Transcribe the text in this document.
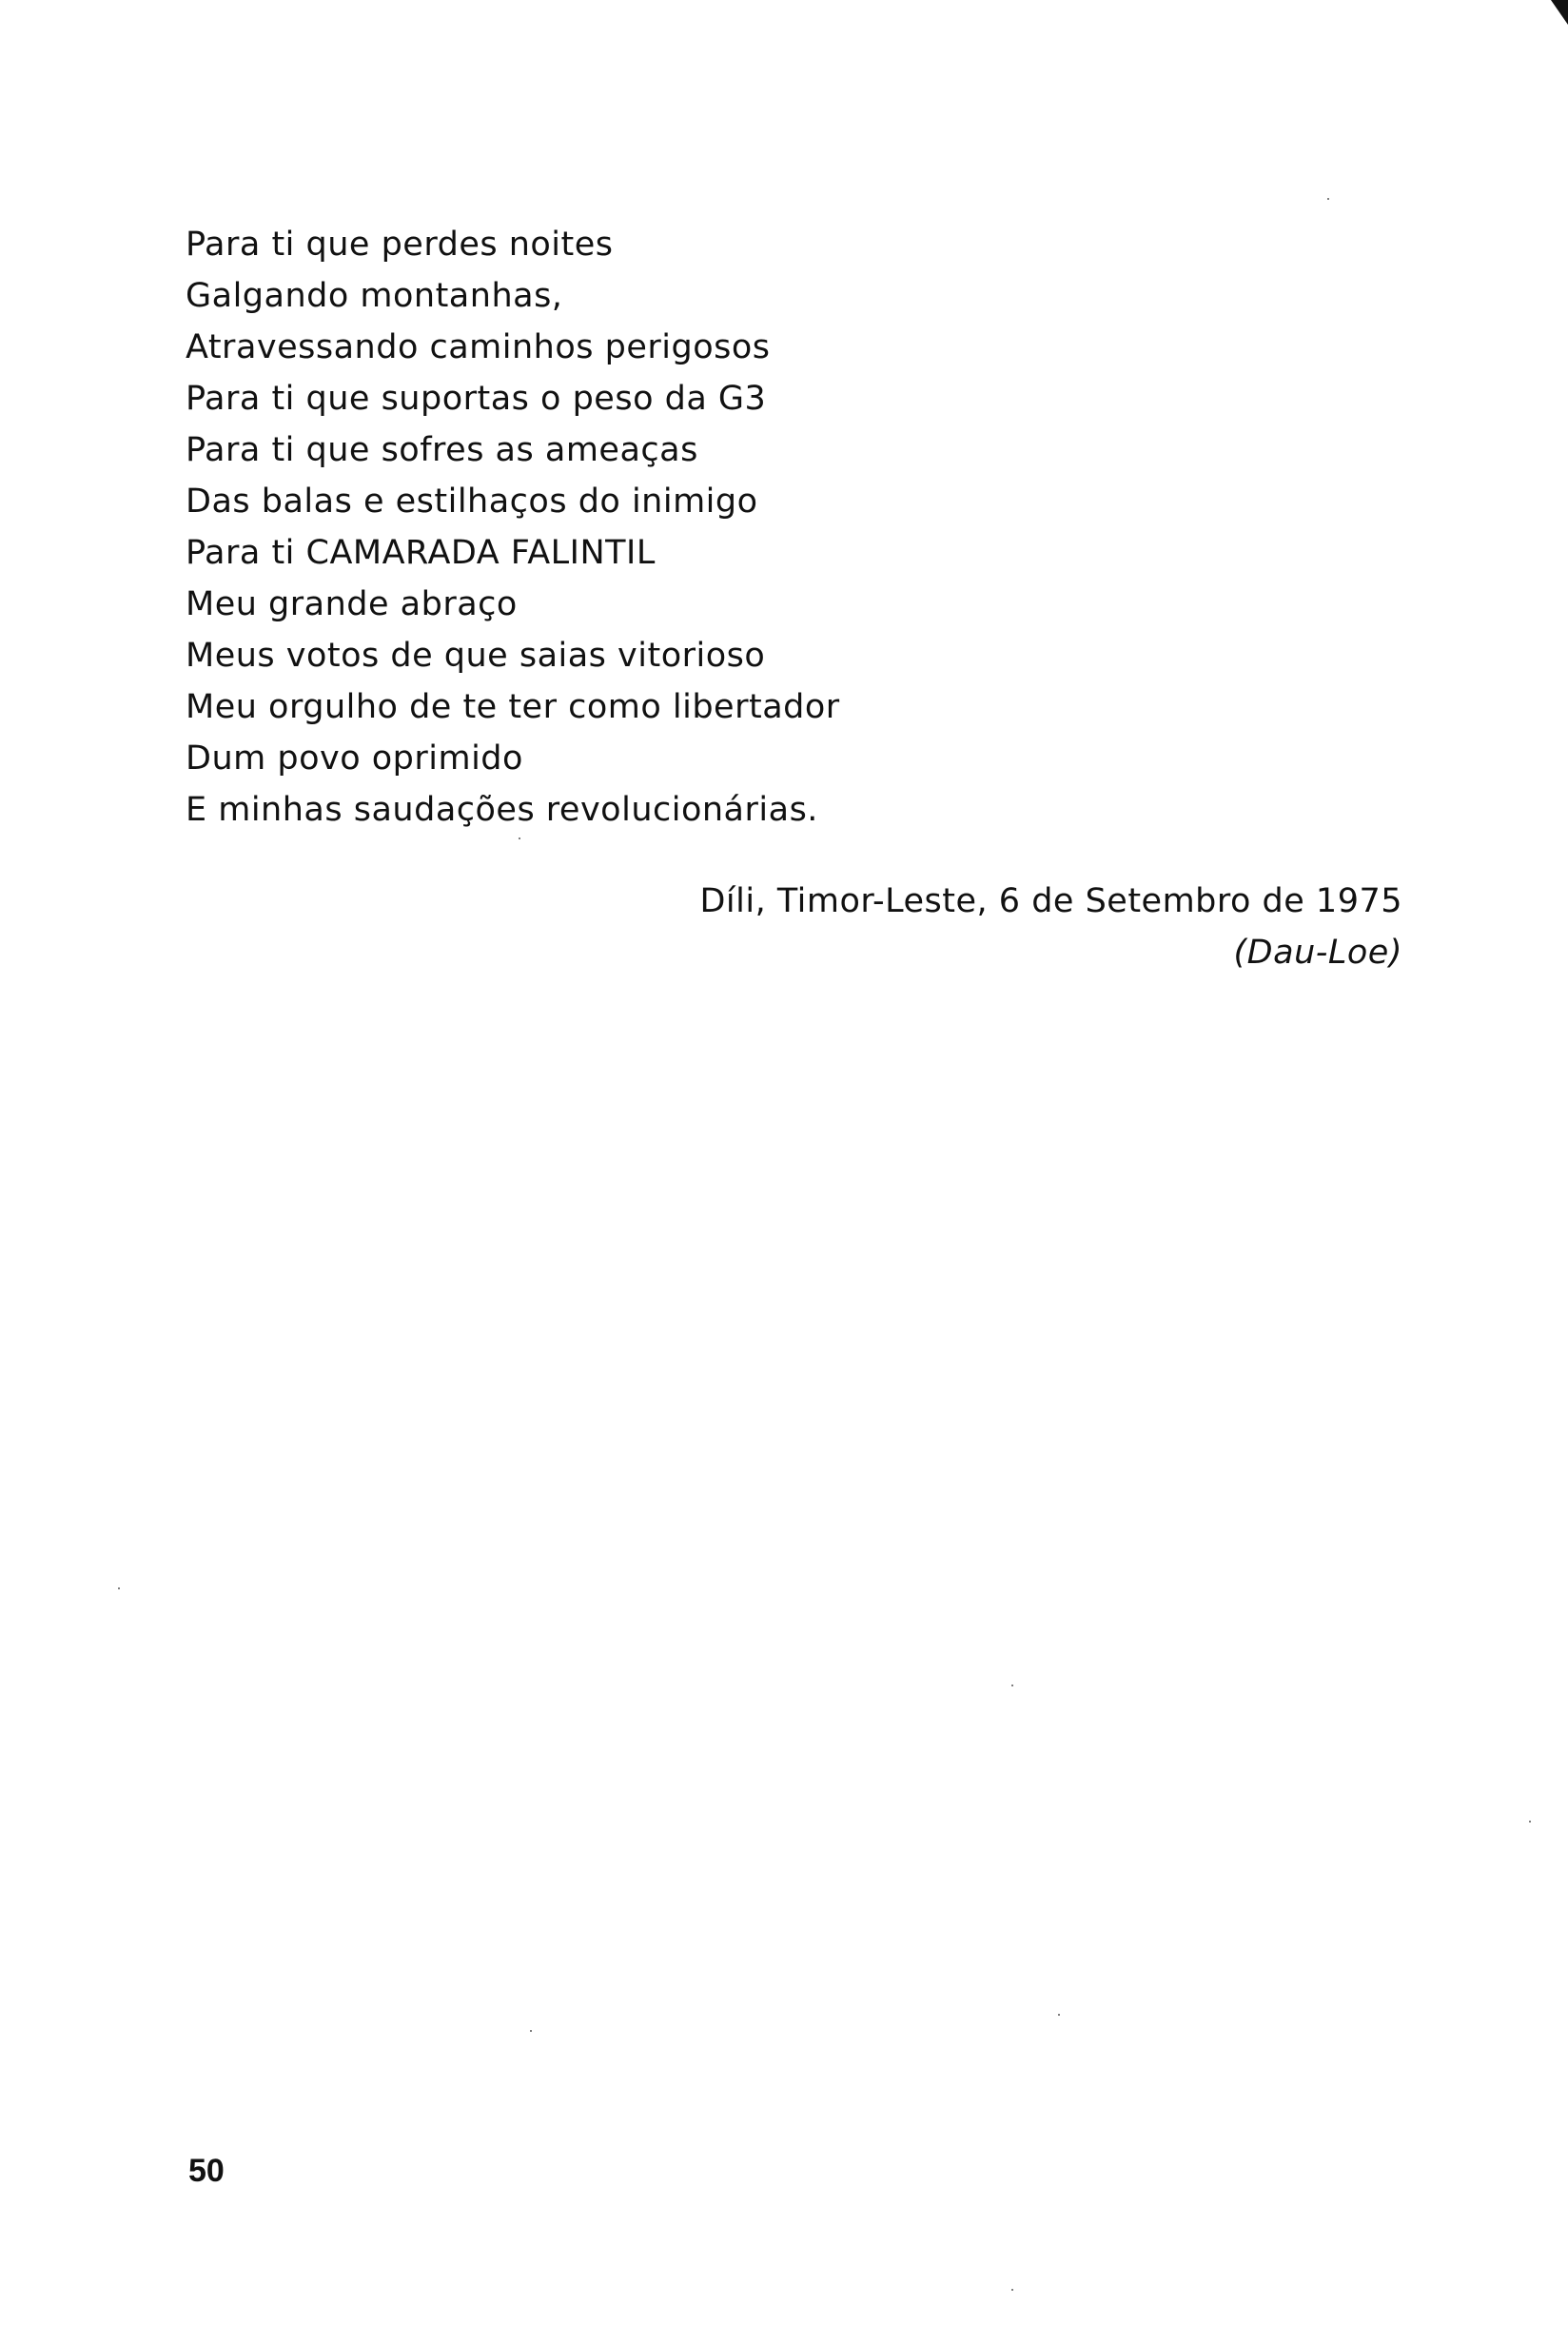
Para ti que perdes noites
Galgando montanhas,
Atravessando caminhos perigosos
Para ti que suportas o peso da G3
Para ti que sofres as ameaças
Das balas e estilhaços do inimigo
Para ti CAMARADA FALINTIL
Meu grande abraço
Meus votos de que saias vitorioso
Meu orgulho de te ter como libertador
Dum povo oprimido
E minhas saudações revolucionárias.
Díli, Timor-Leste, 6 de Setembro de 1975
(Dau-Loe)
50
